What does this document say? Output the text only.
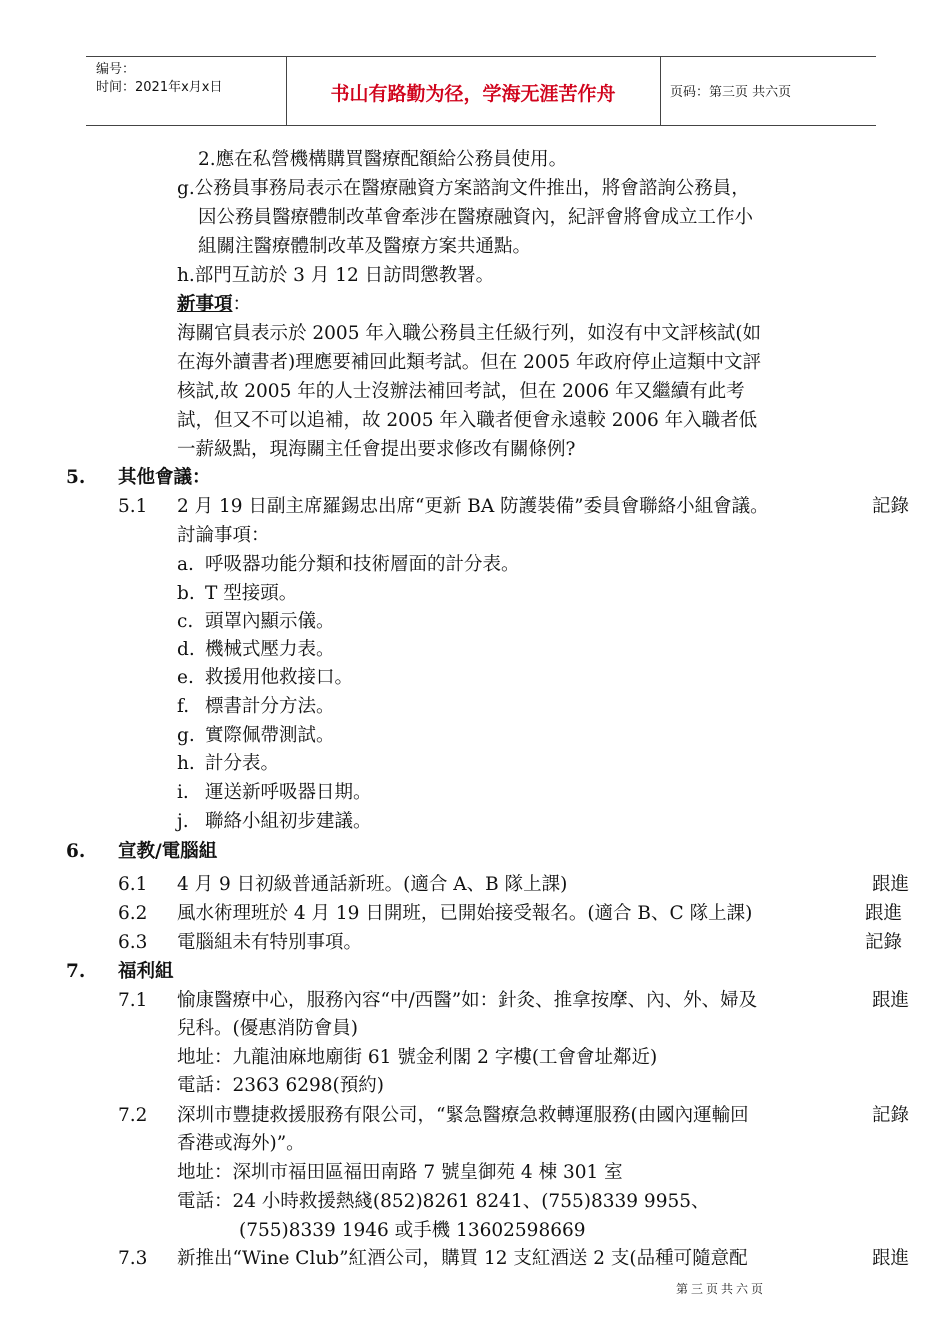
编号：
时间：2021年x月x日	书山有路勤为径，学海无涯苦作舟	页码：第三页 共六页
2.應在私營機構購買醫療配額給公務員使用。
g.公務員事務局表示在醫療融資方案諮詢文件推出，將會諮詢公務員，
因公務員醫療體制改革會牽涉在醫療融資內，紀評會將會成立工作小
組關注醫療體制改革及醫療方案共通點。
h.部門互訪於 3 月 12 日訪問懲教署。
新事項：
海關官員表示於 2005 年入職公務員主任級行列，如沒有中文評核試(如
在海外讀書者)理應要補回此類考試。但在 2005 年政府停止這類中文評
核試,故 2005 年的人士沒辦法補回考試，但在 2006 年又繼續有此考
試，但又不可以追補，故 2005 年入職者便會永遠較 2006 年入職者低
一薪級點，現海關主任會提出要求修改有關條例?
5. 其他會議：
5.1 2 月 19 日副主席羅錫忠出席“更新 BA 防護裝備”委員會聯絡小組會議。	記錄
討論事項：
a. 呼吸器功能分類和技術層面的計分表。
b. T 型接頭。
c. 頭罩內顯示儀。
d. 機械式壓力表。
e. 救援用他救接口。
f. 標書計分方法。
g. 實際佩帶測試。
h. 計分表。
i. 運送新呼吸器日期。
j. 聯絡小組初步建議。
6. 宣教/電腦組
6.1 4 月 9 日初級普通話新班。(適合 A、B 隊上課)	跟進
6.2 風水術理班於 4 月 19 日開班，已開始接受報名。(適合 B、C 隊上課)	跟進
6.3 電腦組未有特別事項。	記錄
7. 福利組
7.1 愉康醫療中心，服務內容“中/西醫”如：針灸、推拿按摩、內、外、婦及	跟進
兒科。(優惠消防會員)
地址：九龍油麻地廟街 61 號金利閣 2 字樓(工會會址鄰近)
電話：2363 6298(預約)
7.2 深圳市豐捷救援服務有限公司，“緊急醫療急救轉運服務(由國內運輸回	記錄
香港或海外)”。
地址：深圳市福田區福田南路 7 號皇御苑 4 棟 301 室
電話：24 小時救援熱綫(852)8261 8241、(755)8339 9955、
(755)8339 1946 或手機 13602598669
7.3 新推出“Wine Club”紅酒公司，購買 12 支紅酒送 2 支(品種可隨意配	跟進
第三页共六页
